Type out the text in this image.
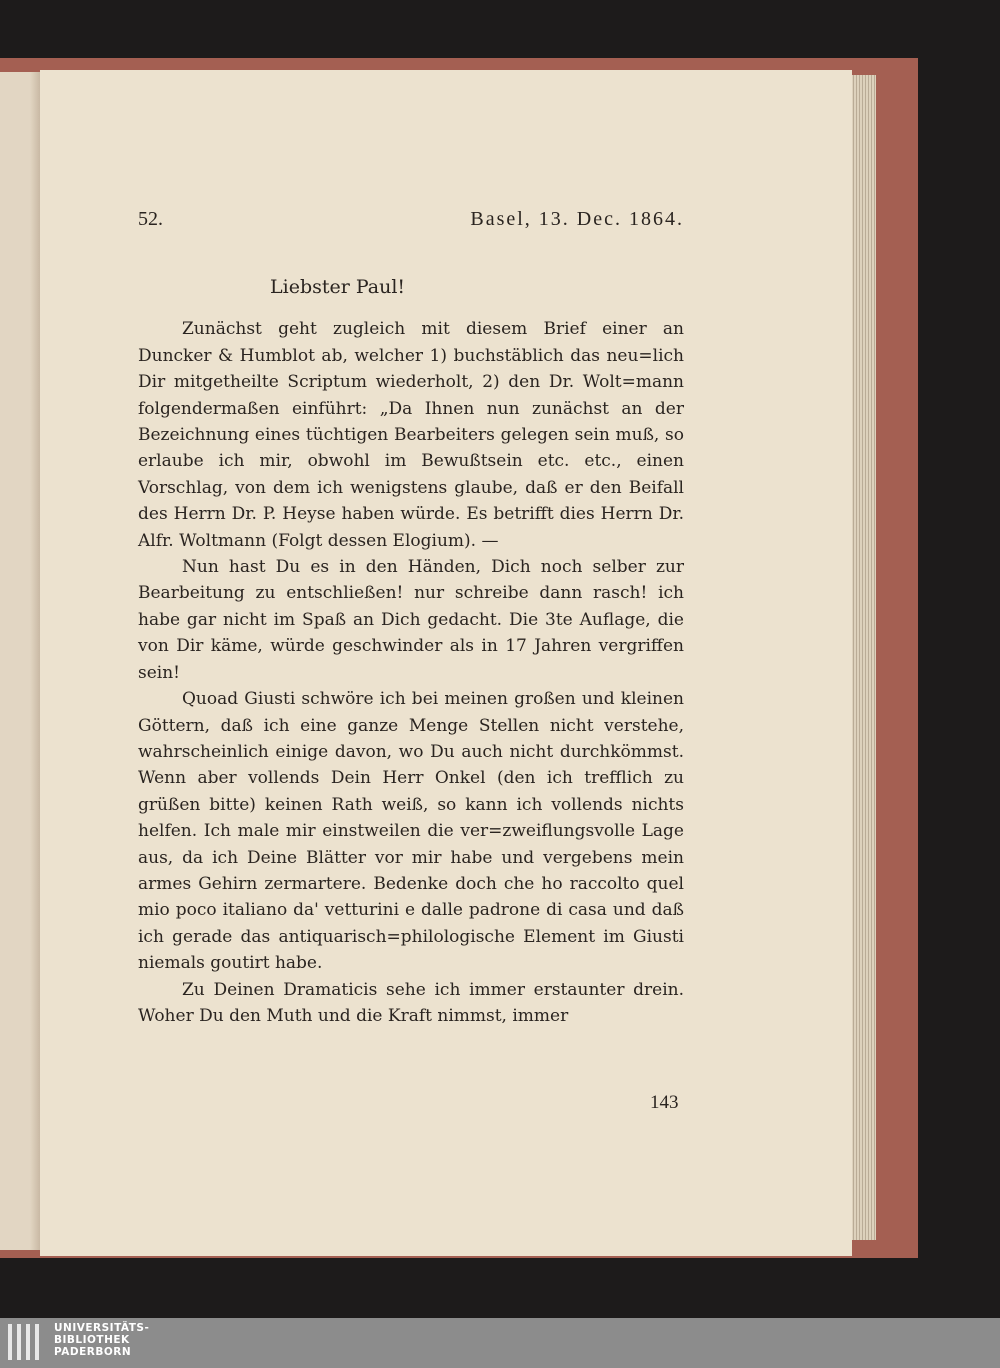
52.	Basel, 13. Dec. 1864.
Liebster Paul!

Zunächst geht zugleich mit diesem Brief einer an Duncker & Humblot ab, welcher 1) buchstäblich das neu=lich Dir mitgetheilte Scriptum wiederholt, 2) den Dr. Wolt=mann folgendermaßen einführt: „Da Ihnen nun zunächst an der Bezeichnung eines tüchtigen Bearbeiters gelegen sein muß, so erlaube ich mir, obwohl im Bewußtsein etc. etc., einen Vorschlag, von dem ich wenigstens glaube, daß er den Beifall des Herrn Dr. P. Heyse haben würde. Es betrifft dies Herrn Dr. Alfr. Woltmann (Folgt dessen Elogium). —

Nun hast Du es in den Händen, Dich noch selber zur Bearbeitung zu entschließen! nur schreibe dann rasch! ich habe gar nicht im Spaß an Dich gedacht. Die 3te Auflage, die von Dir käme, würde geschwinder als in 17 Jahren vergriffen sein!

Quoad Giusti schwöre ich bei meinen großen und kleinen Göttern, daß ich eine ganze Menge Stellen nicht verstehe, wahrscheinlich einige davon, wo Du auch nicht durchkömmst. Wenn aber vollends Dein Herr Onkel (den ich trefflich zu grüßen bitte) keinen Rath weiß, so kann ich vollends nichts helfen. Ich male mir einstweilen die ver=zweiflungsvolle Lage aus, da ich Deine Blätter vor mir habe und vergebens mein armes Gehirn zermartere. Bedenke doch che ho raccolto quel mio poco italiano da' vetturini e dalle padrone di casa und daß ich gerade das antiquarisch=philologische Element im Giusti niemals goutirt habe.

Zu Deinen Dramaticis sehe ich immer erstaunter drein. Woher Du den Muth und die Kraft nimmst, immer

143
UNIVERSITÄTS-
BIBLIOTHEK
PADERBORN
